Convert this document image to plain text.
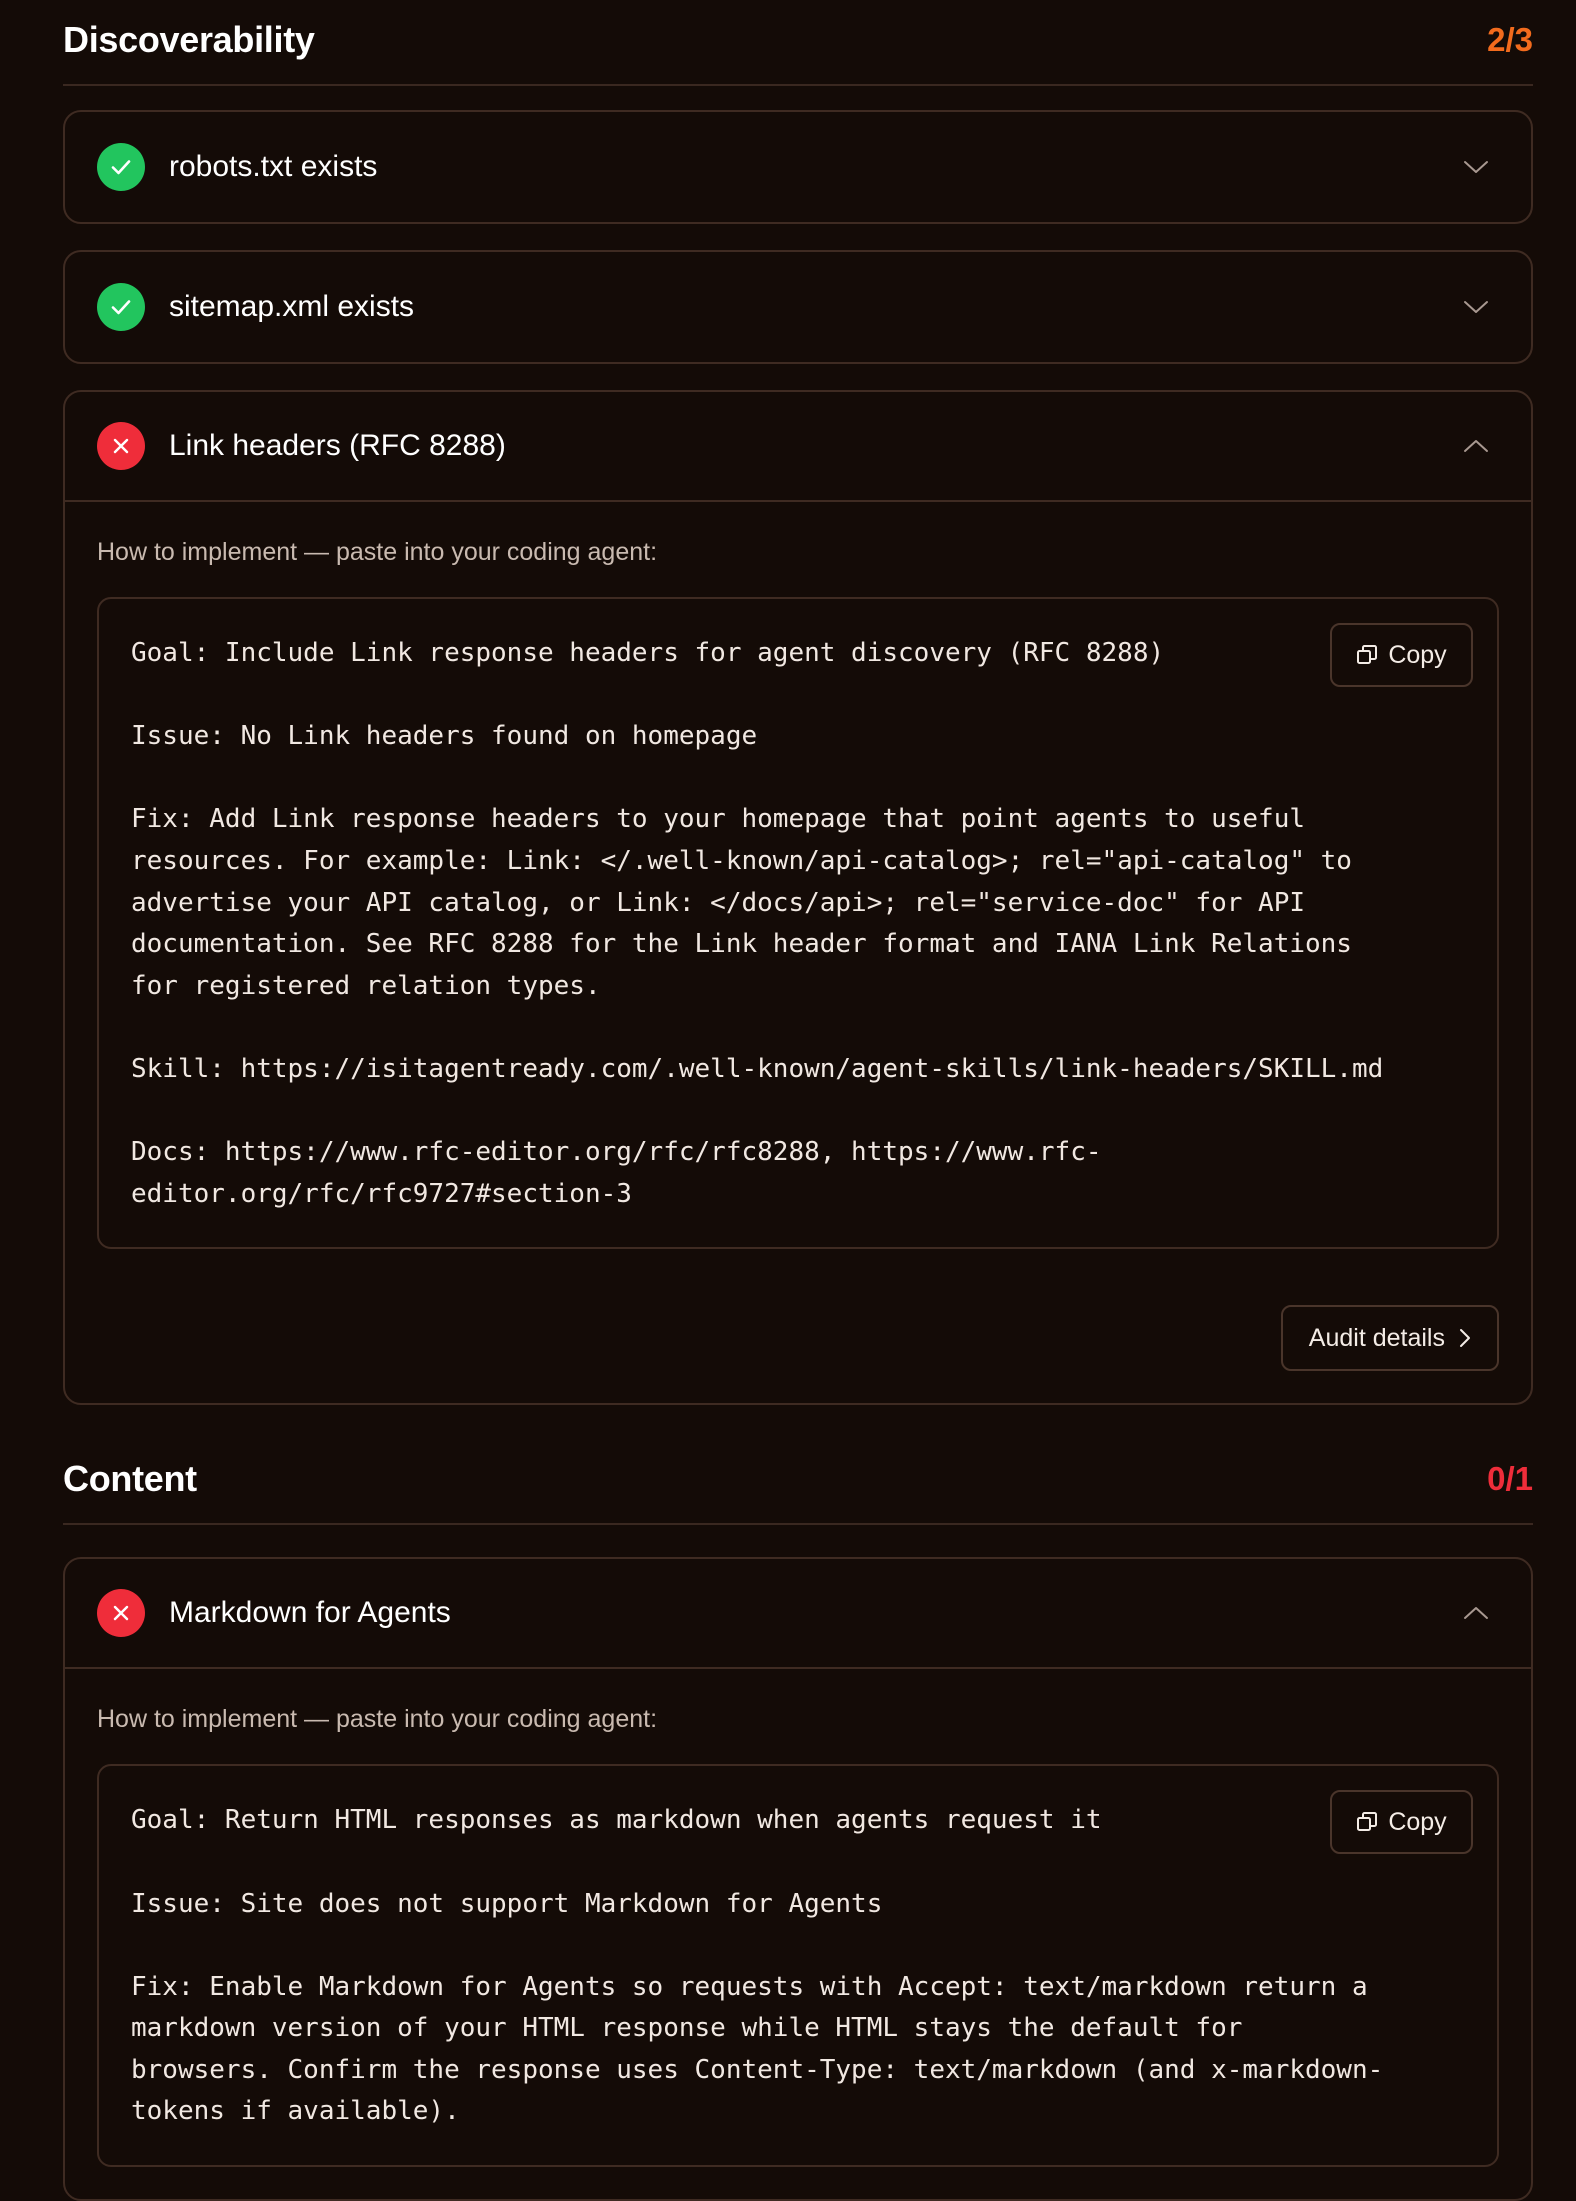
Discoverability	2/3
robots.txt exists
sitemap.xml exists
Link headers (RFC 8288)
How to implement — paste into your coding agent:
Copy
Goal: Include Link response headers for agent discovery (RFC 8288)
Issue: No Link headers found on homepage
Fix: Add Link response headers to your homepage that point agents to useful
resources. For example: Link: </.well-known/api-catalog>; rel="api-catalog" to
advertise your API catalog, or Link: </docs/api>; rel="service-doc" for API
documentation. See RFC 8288 for the Link header format and IANA Link Relations
for registered relation types.
Skill: https://isitagentready.com/.well-known/agent-skills/link-headers/SKILL.md
Docs: https://www.rfc-editor.org/rfc/rfc8288, https://www.rfc-
editor.org/rfc/rfc9727#section-3
Audit details
Content	0/1
Markdown for Agents
How to implement — paste into your coding agent:
Copy
Goal: Return HTML responses as markdown when agents request it
Issue: Site does not support Markdown for Agents
Fix: Enable Markdown for Agents so requests with Accept: text/markdown return a
markdown version of your HTML response while HTML stays the default for
browsers. Confirm the response uses Content-Type: text/markdown (and x-markdown-
tokens if available).
